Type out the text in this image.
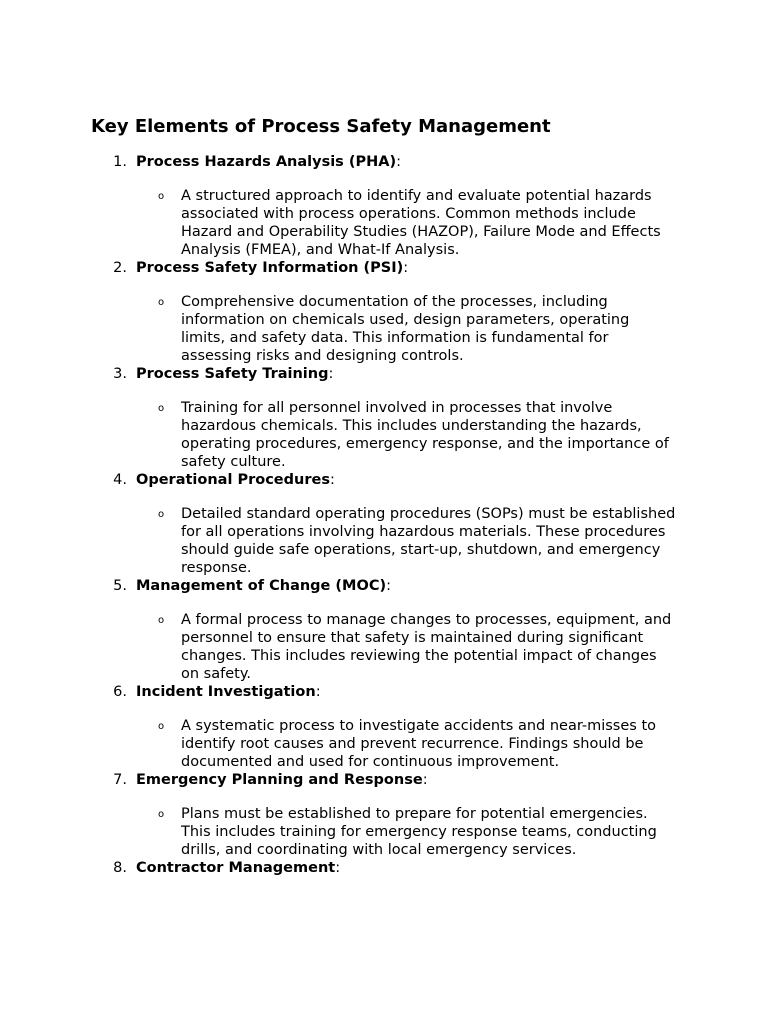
Key Elements of Process Safety Management
1. Process Hazards Analysis (PHA):
o A structured approach to identify and evaluate potential hazards associated with process operations. Common methods include Hazard and Operability Studies (HAZOP), Failure Mode and Effects Analysis (FMEA), and What-If Analysis.

2. Process Safety Information (PSI):
o Comprehensive documentation of the processes, including information on chemicals used, design parameters, operating limits, and safety data. This information is fundamental for assessing risks and designing controls.

3. Process Safety Training:
o Training for all personnel involved in processes that involve hazardous chemicals. This includes understanding the hazards, operating procedures, emergency response, and the importance of safety culture.

4. Operational Procedures:
o Detailed standard operating procedures (SOPs) must be established for all operations involving hazardous materials. These procedures should guide safe operations, start-up, shutdown, and emergency response.

5. Management of Change (MOC):
o A formal process to manage changes to processes, equipment, and personnel to ensure that safety is maintained during significant changes. This includes reviewing the potential impact of changes on safety.

6. Incident Investigation:
o A systematic process to investigate accidents and near-misses to identify root causes and prevent recurrence. Findings should be documented and used for continuous improvement.

7. Emergency Planning and Response:
o Plans must be established to prepare for potential emergencies. This includes training for emergency response teams, conducting drills, and coordinating with local emergency services.

8. Contractor Management:
